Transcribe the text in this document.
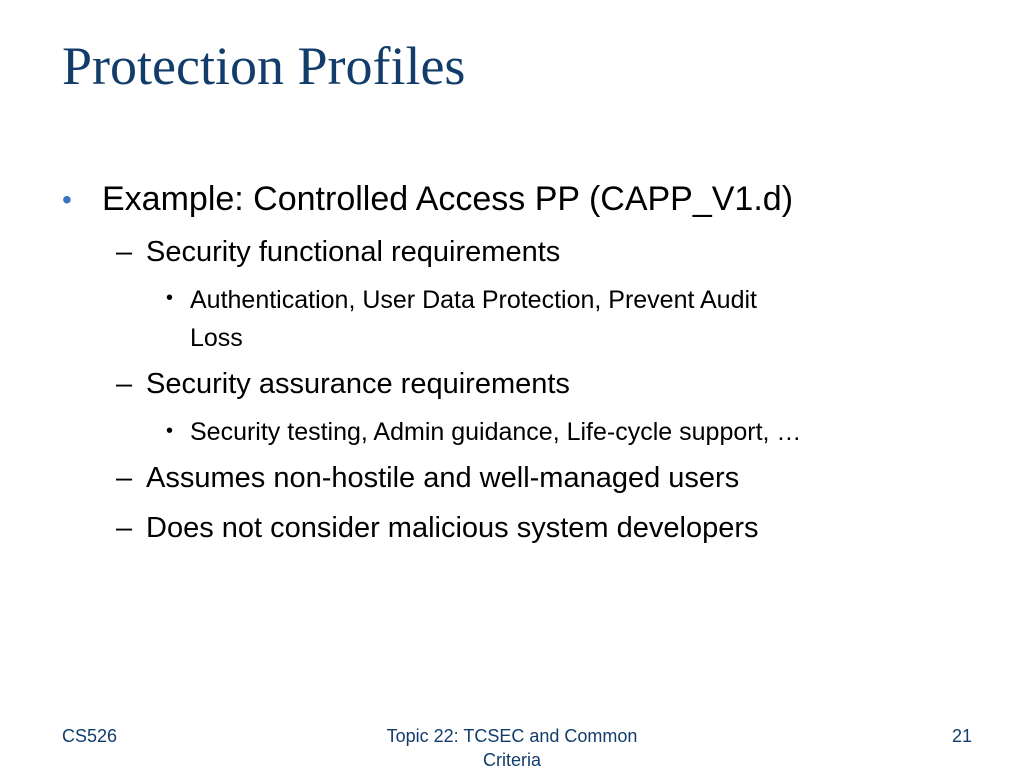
Protection Profiles
• Example: Controlled Access PP (CAPP_V1.d)
– Security functional requirements
• Authentication, User Data Protection, Prevent Audit
Loss
– Security assurance requirements
• Security testing, Admin guidance, Life-cycle support, …
– Assumes non-hostile and well-managed users
– Does not consider malicious system developers
CS526	Topic 22: TCSEC and Common
Criteria
21
